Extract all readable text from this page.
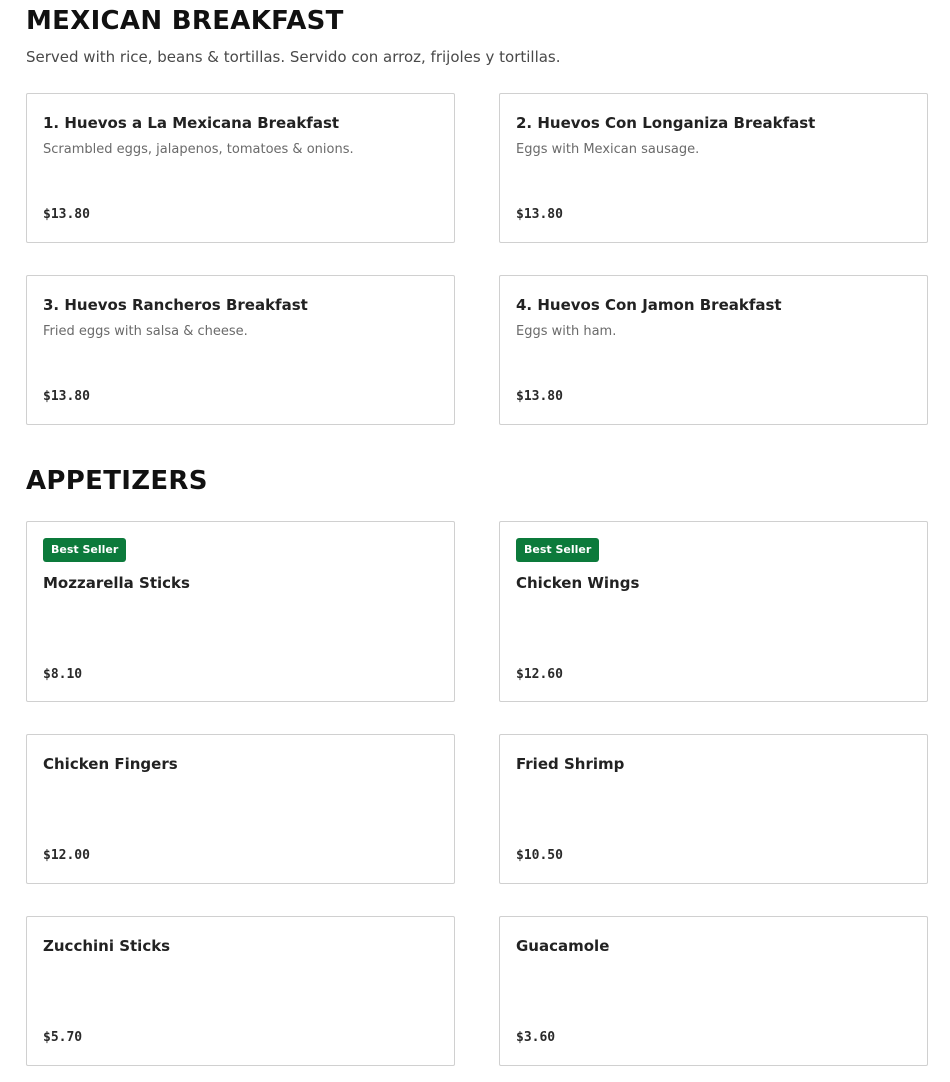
MEXICAN BREAKFAST
Served with rice, beans & tortillas. Servido con arroz, frijoles y tortillas.
1. Huevos a La Mexicana Breakfast
Scrambled eggs, jalapenos, tomatoes & onions.
$13.80
2. Huevos Con Longaniza Breakfast
Eggs with Mexican sausage.
$13.80
3. Huevos Rancheros Breakfast
Fried eggs with salsa & cheese.
$13.80
4. Huevos Con Jamon Breakfast
Eggs with ham.
$13.80
APPETIZERS
Best Seller
Mozzarella Sticks
$8.10
Best Seller
Chicken Wings
$12.60
Chicken Fingers
$12.00
Fried Shrimp
$10.50
Zucchini Sticks
$5.70
Guacamole
$3.60
